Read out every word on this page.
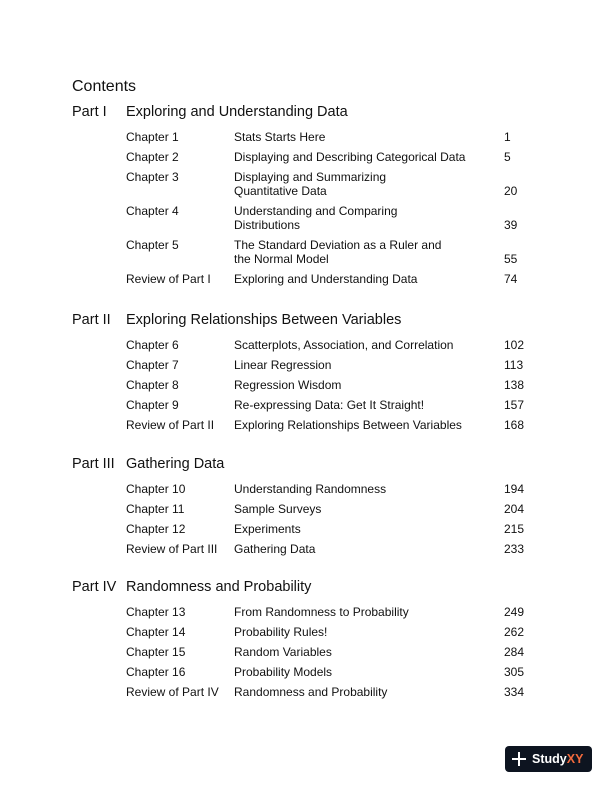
Contents
Part I	Exploring and Understanding Data
Chapter 1	Stats Starts Here	1
Chapter 2	Displaying and Describing Categorical Data	5
Chapter 3	Displaying and Summarizing
Quantitative Data	20
Chapter 4	Understanding and Comparing
Distributions	39
Chapter 5	The Standard Deviation as a Ruler and
the Normal Model	55
Review of Part I	Exploring and Understanding Data	74
Part II	Exploring Relationships Between Variables
Chapter 6	Scatterplots, Association, and Correlation	102
Chapter 7	Linear Regression	113
Chapter 8	Regression Wisdom	138
Chapter 9	Re-expressing Data: Get It Straight!	157
Review of Part II	Exploring Relationships Between Variables	168
Part III Gathering Data
Chapter 10	Understanding Randomness	194
Chapter 11	Sample Surveys	204
Chapter 12	Experiments	215
Review of Part III	Gathering Data	233
Part IV Randomness and Probability
Chapter 13	From Randomness to Probability	249
Chapter 14	Probability Rules!	262
Chapter 15	Random Variables	284
Chapter 16	Probability Models	305
Review of Part IV	Randomness and Probability	334
Study XY
